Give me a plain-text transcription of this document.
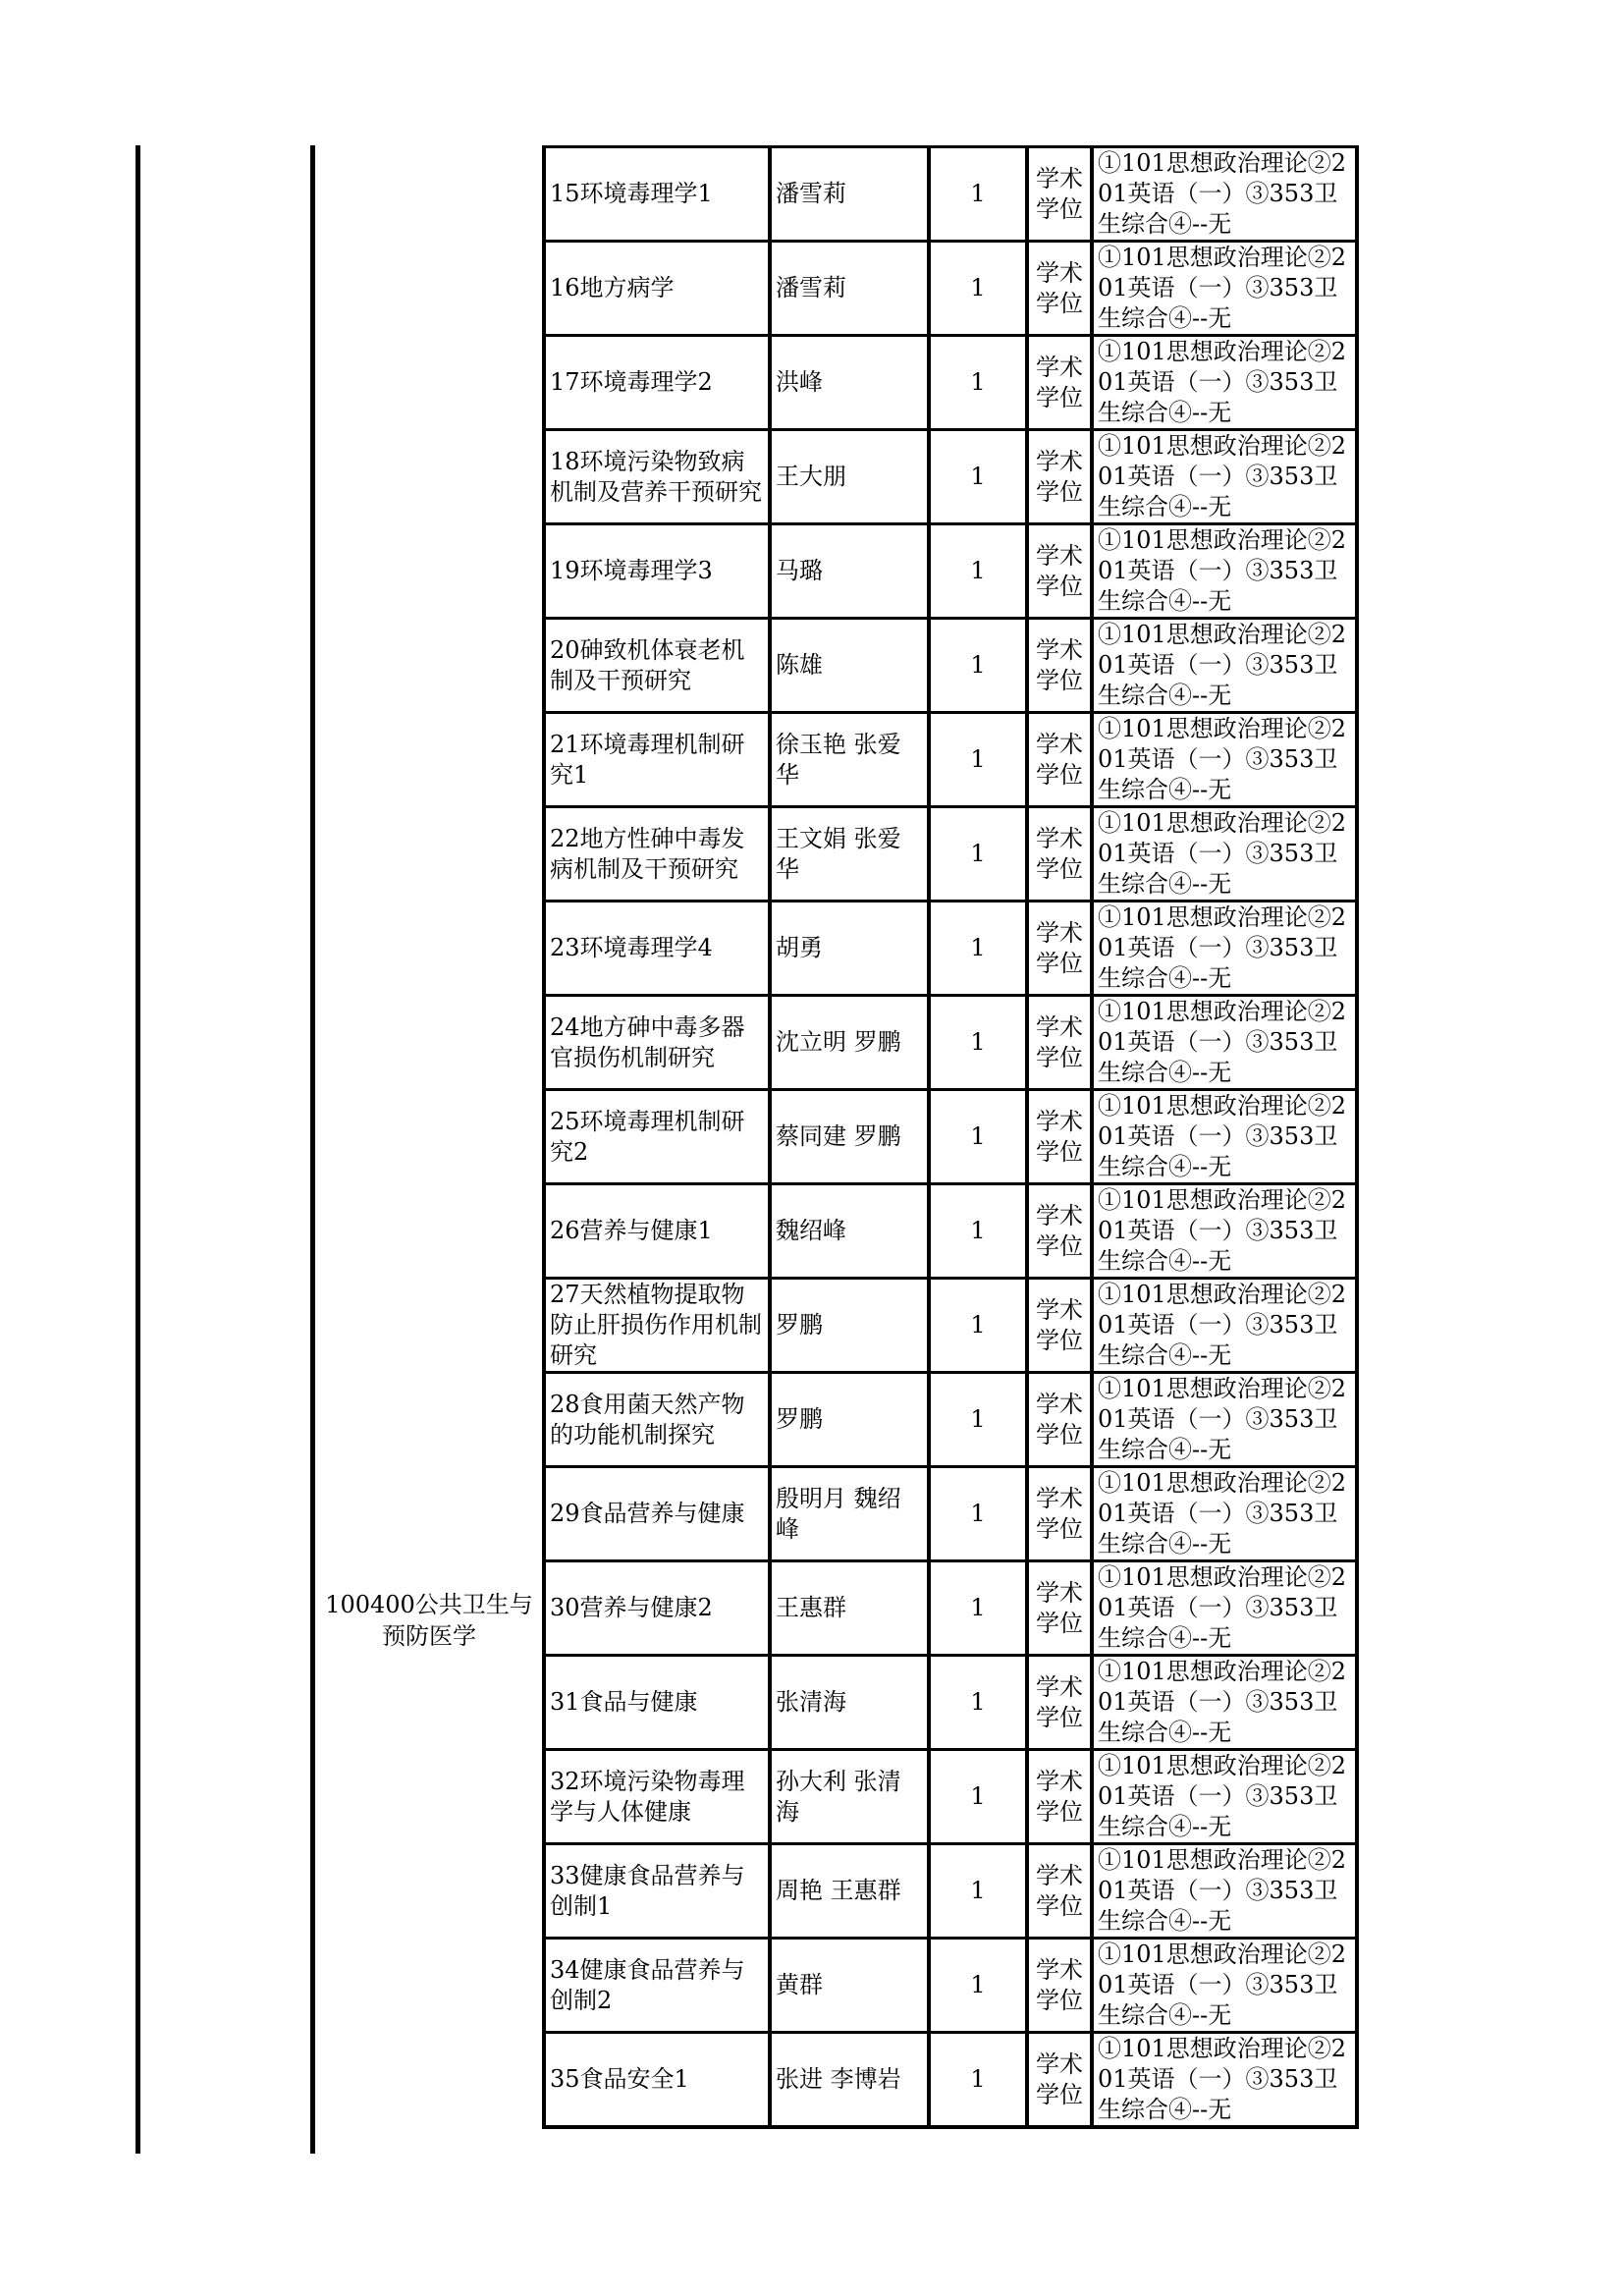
100400公共卫生与预防医学
15环境毒理学1	潘雪莉	1	学术学位	①101思想政治理论②201英语（一）③353卫生综合④--无
16地方病学	潘雪莉	1	学术学位	①101思想政治理论②201英语（一）③353卫生综合④--无
17环境毒理学2	洪峰	1	学术学位	①101思想政治理论②201英语（一）③353卫生综合④--无
18环境污染物致病机制及营养干预研究	王大朋	1	学术学位	①101思想政治理论②201英语（一）③353卫生综合④--无
19环境毒理学3	马璐	1	学术学位	①101思想政治理论②201英语（一）③353卫生综合④--无
20砷致机体衰老机制及干预研究	陈雄	1	学术学位	①101思想政治理论②201英语（一）③353卫生综合④--无
21环境毒理机制研究1	徐玉艳 张爱华	1	学术学位	①101思想政治理论②201英语（一）③353卫生综合④--无
22地方性砷中毒发病机制及干预研究	王文娟 张爱华	1	学术学位	①101思想政治理论②201英语（一）③353卫生综合④--无
23环境毒理学4	胡勇	1	学术学位	①101思想政治理论②201英语（一）③353卫生综合④--无
24地方砷中毒多器官损伤机制研究	沈立明 罗鹏	1	学术学位	①101思想政治理论②201英语（一）③353卫生综合④--无
25环境毒理机制研究2	蔡同建 罗鹏	1	学术学位	①101思想政治理论②201英语（一）③353卫生综合④--无
26营养与健康1	魏绍峰	1	学术学位	①101思想政治理论②201英语（一）③353卫生综合④--无
27天然植物提取物防止肝损伤作用机制研究	罗鹏	1	学术学位	①101思想政治理论②201英语（一）③353卫生综合④--无
28食用菌天然产物的功能机制探究	罗鹏	1	学术学位	①101思想政治理论②201英语（一）③353卫生综合④--无
29食品营养与健康	殷明月 魏绍峰	1	学术学位	①101思想政治理论②201英语（一）③353卫生综合④--无
30营养与健康2	王惠群	1	学术学位	①101思想政治理论②201英语（一）③353卫生综合④--无
31食品与健康	张清海	1	学术学位	①101思想政治理论②201英语（一）③353卫生综合④--无
32环境污染物毒理学与人体健康	孙大利 张清海	1	学术学位	①101思想政治理论②201英语（一）③353卫生综合④--无
33健康食品营养与创制1	周艳 王惠群	1	学术学位	①101思想政治理论②201英语（一）③353卫生综合④--无
34健康食品营养与创制2	黄群	1	学术学位	①101思想政治理论②201英语（一）③353卫生综合④--无
35食品安全1	张进 李博岩	1	学术学位	①101思想政治理论②201英语（一）③353卫生综合④--无
